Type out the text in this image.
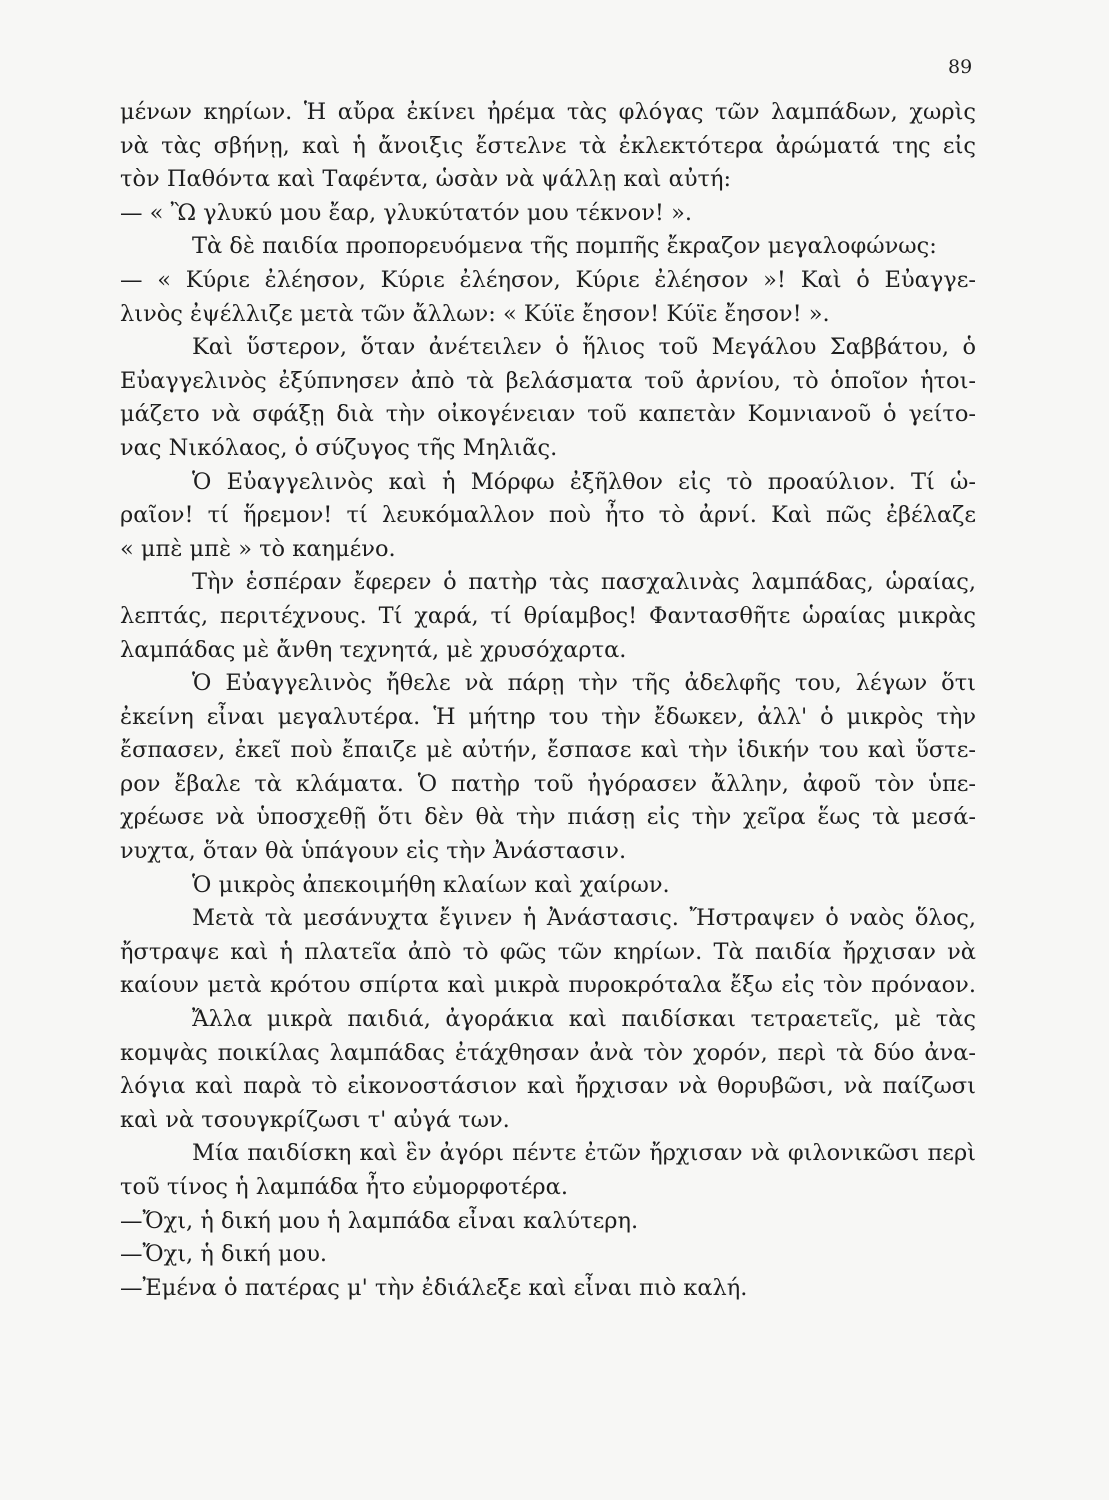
89
μένων κηρίων. Ἡ αὔρα ἐκίνει ἠρέμα τὰς φλόγας τῶν λαμπάδων, χωρὶς
νὰ τὰς σβήνῃ, καὶ ἡ ἄνοιξις ἔστελνε τὰ ἐκλεκτότερα ἀρώματά της εἰς
τὸν Παθόντα καὶ Ταφέντα, ὡσὰν νὰ ψάλλῃ καὶ αὐτή:
— « Ὢ γλυκύ μου ἔαρ, γλυκύτατόν μου τέκνον! ».
Τὰ δὲ παιδία προπορευόμενα τῆς πομπῆς ἔκραζον μεγαλοφώνως:
— « Κύριε ἐλέησον, Κύριε ἐλέησον, Κύριε ἐλέησον »! Καὶ ὁ Εὐαγγε-
λινὸς ἐψέλλιζε μετὰ τῶν ἄλλων: « Κύϊε ἔησον! Κύϊε ἔησον! ».
Καὶ ὕστερον, ὅταν ἀνέτειλεν ὁ ἥλιος τοῦ Μεγάλου Σαββάτου, ὁ
Εὐαγγελινὸς ἐξύπνησεν ἀπὸ τὰ βελάσματα τοῦ ἀρνίου, τὸ ὁποῖον ἡτοι-
μάζετο νὰ σφάξῃ διὰ τὴν οἰκογένειαν τοῦ καπετὰν Κομνιανοῦ ὁ γείτο-
νας Νικόλαος, ὁ σύζυγος τῆς Μηλιᾶς.
Ὁ Εὐαγγελινὸς καὶ ἡ Μόρφω ἐξῆλθον εἰς τὸ προαύλιον. Τί ὡ-
ραῖον! τί ἥρεμον! τί λευκόμαλλον ποὺ ἦτο τὸ ἀρνί. Καὶ πῶς ἐβέλαζε
« μπὲ μπὲ » τὸ καημένο.
Τὴν ἑσπέραν ἔφερεν ὁ πατὴρ τὰς πασχαλινὰς λαμπάδας, ὡραίας,
λεπτάς, περιτέχνους. Τί χαρά, τί θρίαμβος! Φαντασθῆτε ὡραίας μικρὰς
λαμπάδας μὲ ἄνθη τεχνητά, μὲ χρυσόχαρτα.
Ὁ Εὐαγγελινὸς ἤθελε νὰ πάρῃ τὴν τῆς ἀδελφῆς του, λέγων ὅτι
ἐκείνη εἶναι μεγαλυτέρα. Ἡ μήτηρ του τὴν ἔδωκεν, ἀλλ' ὁ μικρὸς τὴν
ἔσπασεν, ἐκεῖ ποὺ ἔπαιζε μὲ αὐτήν, ἔσπασε καὶ τὴν ἰδικήν του καὶ ὕστε-
ρον ἔβαλε τὰ κλάματα. Ὁ πατὴρ τοῦ ἠγόρασεν ἄλλην, ἀφοῦ τὸν ὑπε-
χρέωσε νὰ ὑποσχεθῇ ὅτι δὲν θὰ τὴν πιάσῃ εἰς τὴν χεῖρα ἕως τὰ μεσά-
νυχτα, ὅταν θὰ ὑπάγουν εἰς τὴν Ἀνάστασιν.
Ὁ μικρὸς ἀπεκοιμήθη κλαίων καὶ χαίρων.
Μετὰ τὰ μεσάνυχτα ἔγινεν ἡ Ἀνάστασις. Ἤστραψεν ὁ ναὸς ὅλος,
ἤστραψε καὶ ἡ πλατεῖα ἀπὸ τὸ φῶς τῶν κηρίων. Τὰ παιδία ἤρχισαν νὰ
καίουν μετὰ κρότου σπίρτα καὶ μικρὰ πυροκρόταλα ἔξω εἰς τὸν πρόναον.
Ἄλλα μικρὰ παιδιά, ἀγοράκια καὶ παιδίσκαι τετραετεῖς, μὲ τὰς
κομψὰς ποικίλας λαμπάδας ἐτάχθησαν ἀνὰ τὸν χορόν, περὶ τὰ δύο ἀνα-
λόγια καὶ παρὰ τὸ εἰκονοστάσιον καὶ ἤρχισαν νὰ θορυβῶσι, νὰ παίζωσι
καὶ νὰ τσουγκρίζωσι τ' αὐγά των.
Μία παιδίσκη καὶ ἓν ἀγόρι πέντε ἐτῶν ἤρχισαν νὰ φιλονικῶσι περὶ
τοῦ τίνος ἡ λαμπάδα ἦτο εὐμορφοτέρα.
—Ὄχι, ἡ δική μου ἡ λαμπάδα εἶναι καλύτερη.
—Ὄχι, ἡ δική μου.
—Ἐμένα ὁ πατέρας μ' τὴν ἐδιάλεξε καὶ εἶναι πιὸ καλή.
